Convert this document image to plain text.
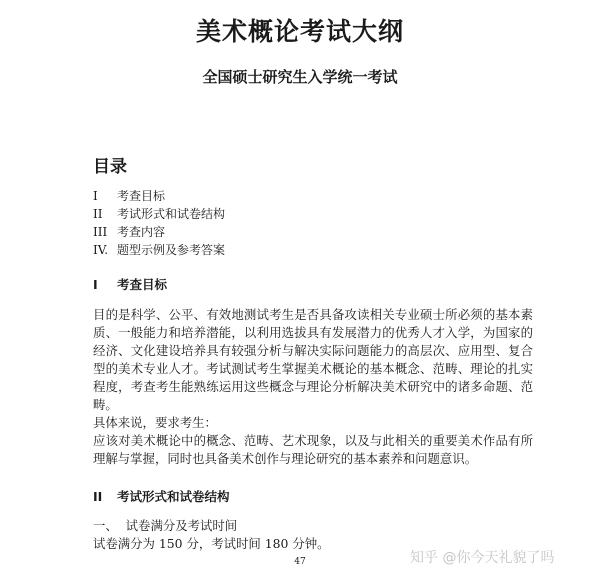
美术概论考试大纲
全国硕士研究生入学统一考试
目录
I	考查目标
II	考试形式和试卷结构
III 考查内容
IV. 题型示例及参考答案
I 考查目标

目的是科学、公平、有效地测试考生是否具备攻读相关专业硕士所必须的基本素质、一般能力和培养潜能，以利用选拔具有发展潜力的优秀人才入学，为国家的经济、文化建设培养具有较强分析与解决实际问题能力的高层次、应用型、复合型的美术专业人才。考试测试考生掌握美术概论的基本概念、范畴、理论的扎实程度，考查考生能熟练运用这些概念与理论分析解决美术研究中的诸多命题、范畴。

具体来说，要求考生：

应该对美术概论中的概念、范畴、艺术现象，以及与此相关的重要美术作品有所理解与掌握，同时也具备美术创作与理论研究的基本素养和问题意识。

II 考试形式和试卷结构
一、  试卷满分及考试时间
试卷满分为 150 分，考试时间 180 分钟。
47	知乎 @你今天礼貌了吗
